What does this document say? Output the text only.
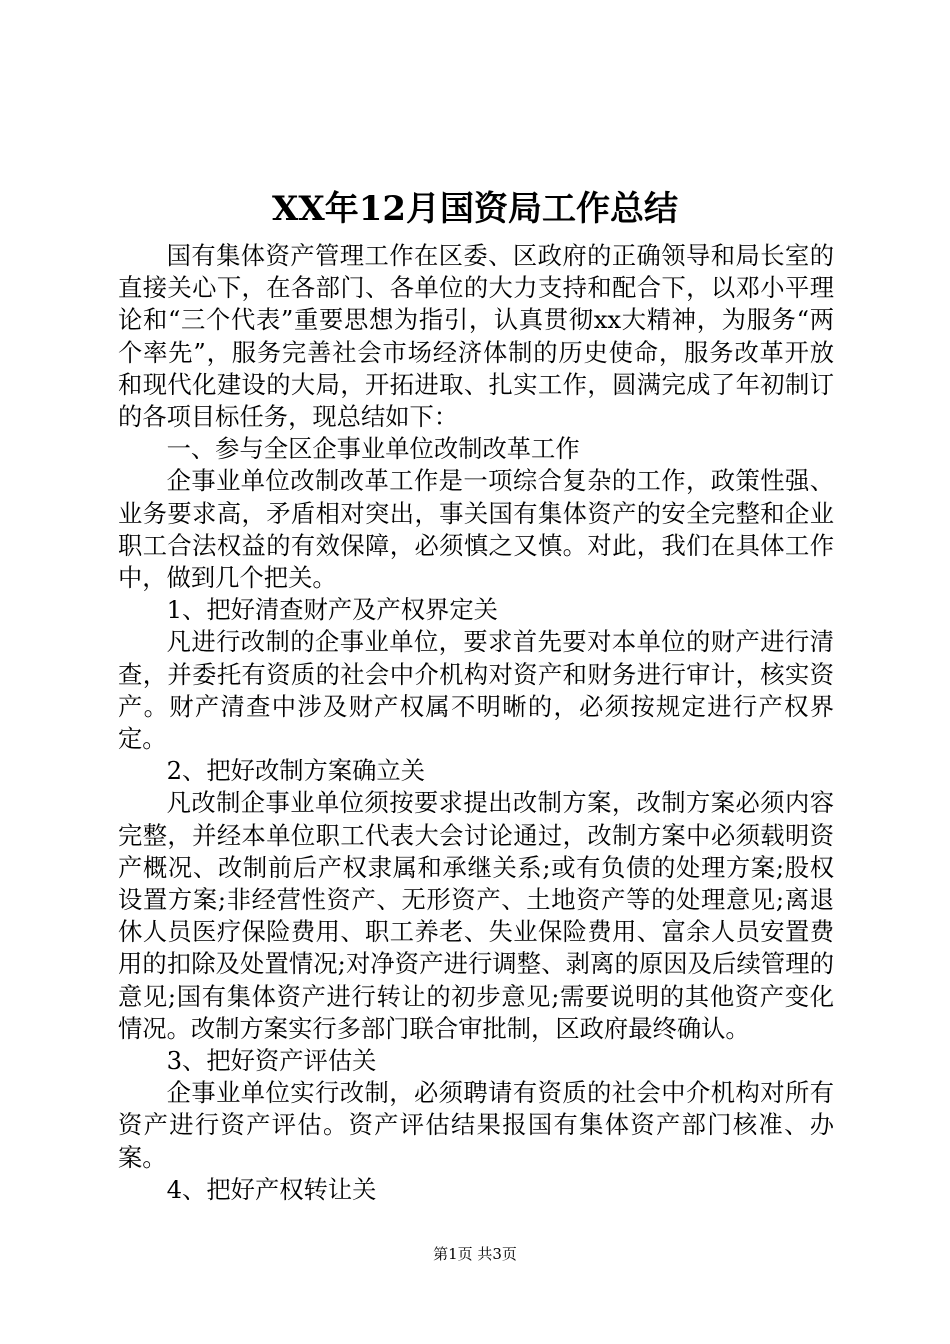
XX年12月国资局工作总结

国有集体资产管理工作在区委、区政府的正确领导和局长室的直接关心下，在各部门、各单位的大力支持和配合下，以邓小平理论和“三个代表”重要思想为指引，认真贯彻xx大精神，为服务“两个率先”，服务完善社会市场经济体制的历史使命，服务改革开放和现代化建设的大局，开拓进取、扎实工作，圆满完成了年初制订的各项目标任务，现总结如下：

一、参与全区企事业单位改制改革工作

企事业单位改制改革工作是一项综合复杂的工作，政策性强、业务要求高，矛盾相对突出，事关国有集体资产的安全完整和企业职工合法权益的有效保障，必须慎之又慎。对此，我们在具体工作中，做到几个把关。

1、把好清查财产及产权界定关

凡进行改制的企事业单位，要求首先要对本单位的财产进行清查，并委托有资质的社会中介机构对资产和财务进行审计，核实资产。财产清查中涉及财产权属不明晰的，必须按规定进行产权界定。

2、把好改制方案确立关

凡改制企事业单位须按要求提出改制方案，改制方案必须内容完整，并经本单位职工代表大会讨论通过，改制方案中必须载明资产概况、改制前后产权隶属和承继关系;或有负债的处理方案;股权设置方案;非经营性资产、无形资产、土地资产等的处理意见;离退休人员医疗保险费用、职工养老、失业保险费用、富余人员安置费用的扣除及处置情况;对净资产进行调整、剥离的原因及后续管理的意见;国有集体资产进行转让的初步意见;需要说明的其他资产变化情况。改制方案实行多部门联合审批制，区政府最终确认。

3、把好资产评估关

企事业单位实行改制，必须聘请有资质的社会中介机构对所有资产进行资产评估。资产评估结果报国有集体资产部门核准、办案。

4、把好产权转让关

第1页 共3页
